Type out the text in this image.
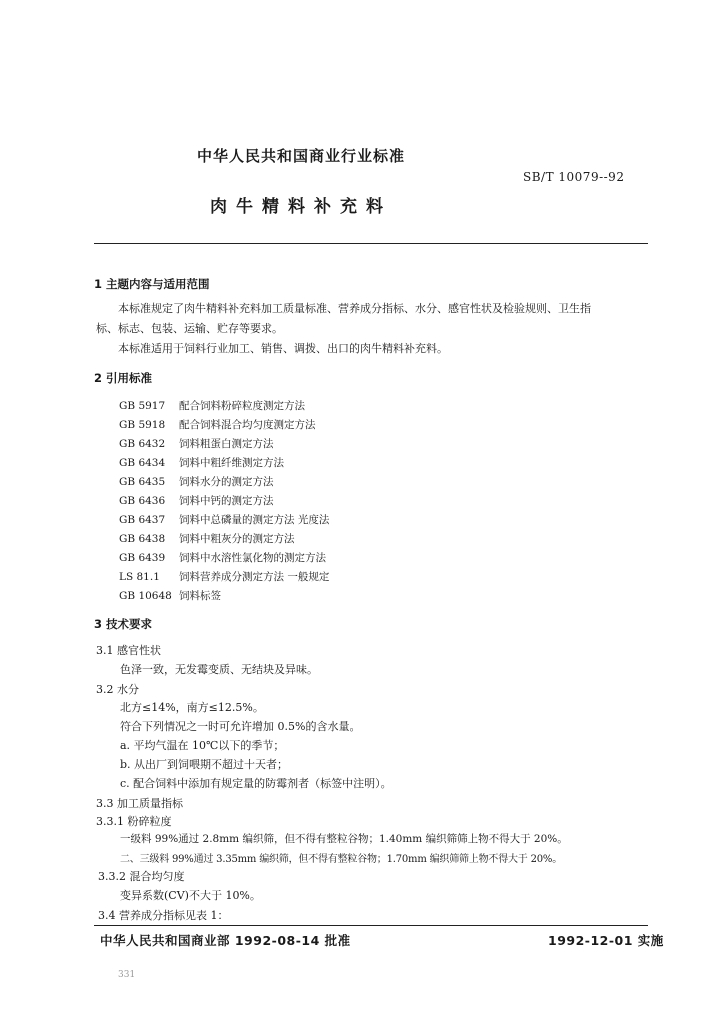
中华人民共和国商业行业标准
SB/T 10079--92
肉牛精料补充料
1 主题内容与适用范围
本标准规定了肉牛精料补充料加工质量标准、营养成分指标、水分、感官性状及检验规则、卫生指
标、标志、包装、运输、贮存等要求。
本标准适用于饲料行业加工、销售、调拨、出口的肉牛精料补充料。
2 引用标准
GB 5917 配合饲料粉碎粒度测定方法
GB 5918 配合饲料混合均匀度测定方法
GB 6432 饲料粗蛋白测定方法
GB 6434 饲料中粗纤维测定方法
GB 6435 饲料水分的测定方法
GB 6436 饲料中钙的测定方法
GB 6437 饲料中总磷量的测定方法 光度法
GB 6438 饲料中粗灰分的测定方法
GB 6439 饲料中水溶性氯化物的测定方法
LS 81.1 饲料营养成分测定方法 一般规定
GB 10648 饲料标签
3 技术要求
3.1 感官性状
色泽一致，无发霉变质、无结块及异味。
3.2 水分
北方≤14%，南方≤12.5%。
符合下列情况之一时可允许增加 0.5%的含水量。
a. 平均气温在 10℃以下的季节；
b. 从出厂到饲喂期不超过十天者；
c. 配合饲料中添加有规定量的防霉剂者（标签中注明）。
3.3 加工质量指标
3.3.1 粉碎粒度
一级料 99%通过 2.8mm 编织筛，但不得有整粒谷物；1.40mm 编织筛筛上物不得大于 20%。
二、三级料 99%通过 3.35mm 编织筛，但不得有整粒谷物；1.70mm 编织筛筛上物不得大于 20%。
3.3.2 混合均匀度
变异系数(CV)不大于 10%。
3.4 营养成分指标见表 1：
中华人民共和国商业部 1992-08-14 批准	1992-12-01 实施
331
